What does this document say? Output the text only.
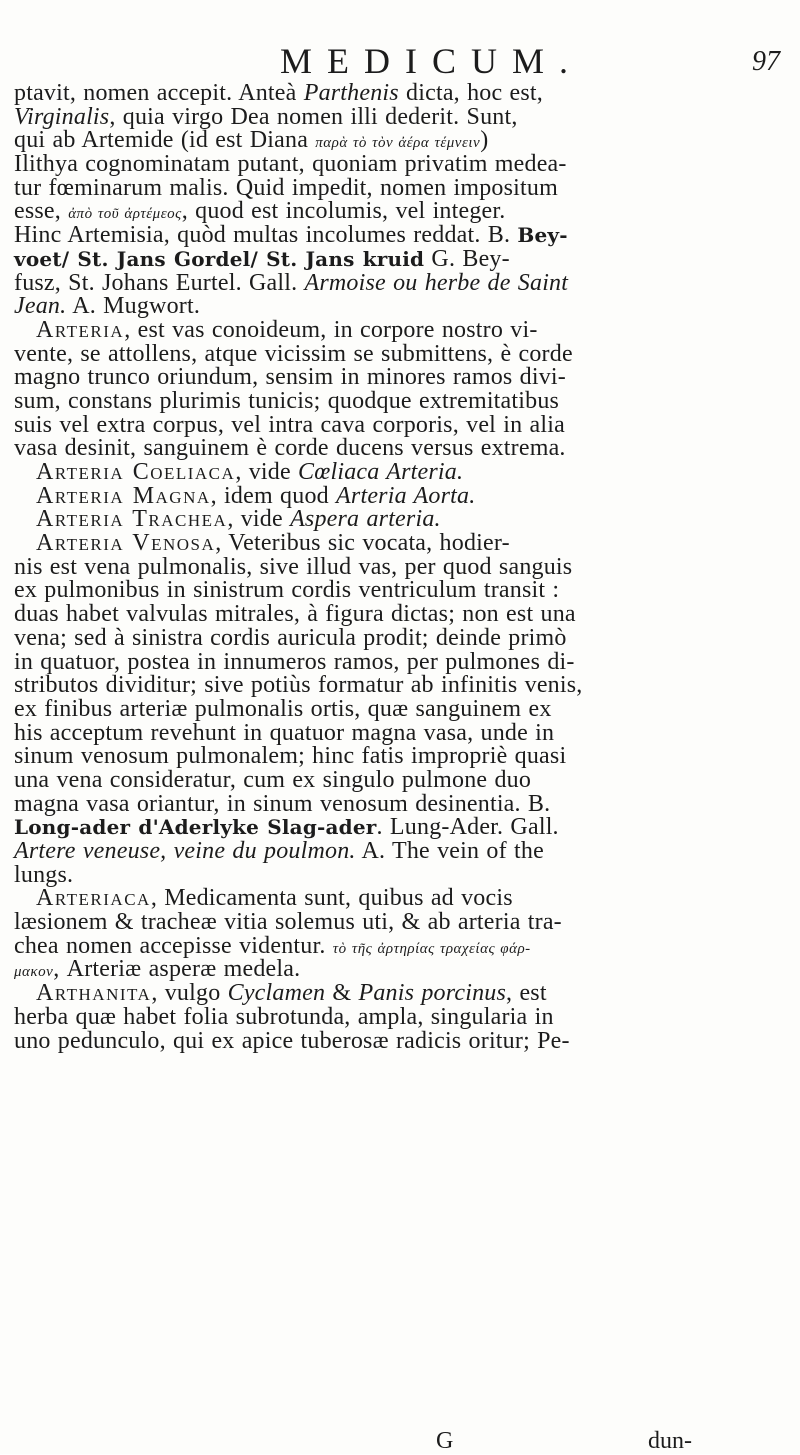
MEDICUM.	97
ptavit, nomen accepit. Anteà Parthenis dicta, hoc est,
Virginalis, quia virgo Dea nomen illi dederit. Sunt,
qui ab Artemide (id est Diana παρὰ τὸ τὸν ἀέρα τέμνειν)
Ilithya cognominatam putant, quoniam privatim medea-
tur fœminarum malis. Quid impedit, nomen impositum
esse, ἀπὸ τοῦ ἀρτέμεος, quod est incolumis, vel integer.
Hinc Artemisia, quòd multas incolumes reddat. B. Bey-
voet/ St. Jans Gordel/ St. Jans kruid G. Bey-
fusz, St. Johans Eurtel. Gall. Armoise ou herbe de Saint
Jean. A. Mugwort.
Arteria, est vas conoideum, in corpore nostro vi-
vente, se attollens, atque vicissim se submittens, è corde
magno trunco oriundum, sensim in minores ramos divi-
sum, constans plurimis tunicis; quodque extremitatibus
suis vel extra corpus, vel intra cava corporis, vel in alia
vasa desinit, sanguinem è corde ducens versus extrema.
Arteria Coeliaca, vide Cœliaca Arteria.
Arteria Magna, idem quod Arteria Aorta.
Arteria Trachea, vide Aspera arteria.
Arteria Venosa, Veteribus sic vocata, hodier-
nis est vena pulmonalis, sive illud vas, per quod sanguis
ex pulmonibus in sinistrum cordis ventriculum transit :
duas habet valvulas mitrales, à figura dictas; non est una
vena; sed à sinistra cordis auricula prodit; deinde primò
in quatuor, postea in innumeros ramos, per pulmones di-
stributos dividitur; sive potiùs formatur ab infinitis venis,
ex finibus arteriæ pulmonalis ortis, quæ sanguinem ex
his acceptum revehunt in quatuor magna vasa, unde in
sinum venosum pulmonalem; hinc fatis impropriè quasi
una vena consideratur, cum ex singulo pulmone duo
magna vasa oriantur, in sinum venosum desinentia. B.
Long-ader d'Aderlyke Slag-ader. Lung-Ader. Gall.
Artere veneuse, veine du poulmon. A. The vein of the
lungs.
Arteriaca, Medicamenta sunt, quibus ad vocis
læsionem & tracheæ vitia solemus uti, & ab arteria tra-
chea nomen accepisse videntur. τὸ τῆς ἀρτηρίας τραχείας φάρ-
μακον, Arteriæ asperæ medela.
Arthanita, vulgo Cyclamen & Panis porcinus, est
herba quæ habet folia subrotunda, ampla, singularia in
uno pedunculo, qui ex apice tuberosæ radicis oritur; Pe-
G	dun-
